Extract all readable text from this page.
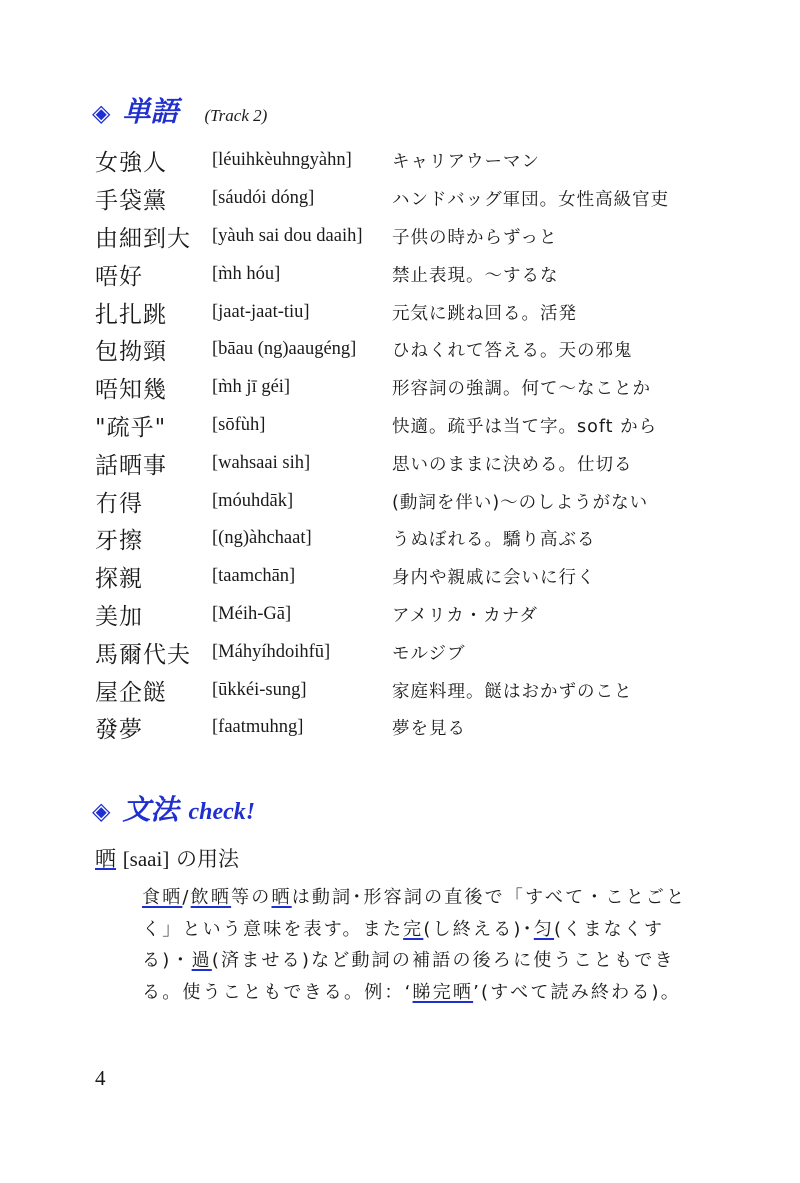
◈ 単語 (Track 2)
女強人	[léuihkèuhngyàhn]	キャリアウーマン
手袋黨	[sáudói dóng]	ハンドバッグ軍団。女性高級官吏
由細到大	[yàuh sai dou daaih]	子供の時からずっと
唔好	[m̀h hóu]	禁止表現。～するな
扎扎跳	[jaat-jaat-tiu]	元気に跳ね回る。活発
包拗頸	[bāau (ng)aaugéng]	ひねくれて答える。天の邪鬼
唔知幾	[m̀h jī géi]	形容詞の強調。何て～なことか
"疏乎"	[sōfùh]	快適。疏乎は当て字。soft から
話晒事	[wahsaai sih]	思いのままに決める。仕切る
冇得	[móuhdāk]	(動詞を伴い)～のしようがない
牙擦	[(ng)àhchaat]	うぬぼれる。驕り高ぶる
探親	[taamchān]	身内や親戚に会いに行く
美加	[Méih-Gā]	アメリカ・カナダ
馬爾代夫	[Máhyíhdoihfū]	モルジブ
屋企餸	[ūkkéi-sung]	家庭料理。餸はおかずのこと
發夢	[faatmuhng]	夢を見る
◈ 文法 check!
晒 [saai] の用法
食晒/飲晒等の晒は動詞･形容詞の直後で「すべて・ことごとく」という意味を表す。また完(し終える)･匀(くまなくする)・過(済ませる)など動詞の補語の後ろに使うこともできる。使うこともできる。例：‘睇完晒’(すべて読み終わる)。
4
